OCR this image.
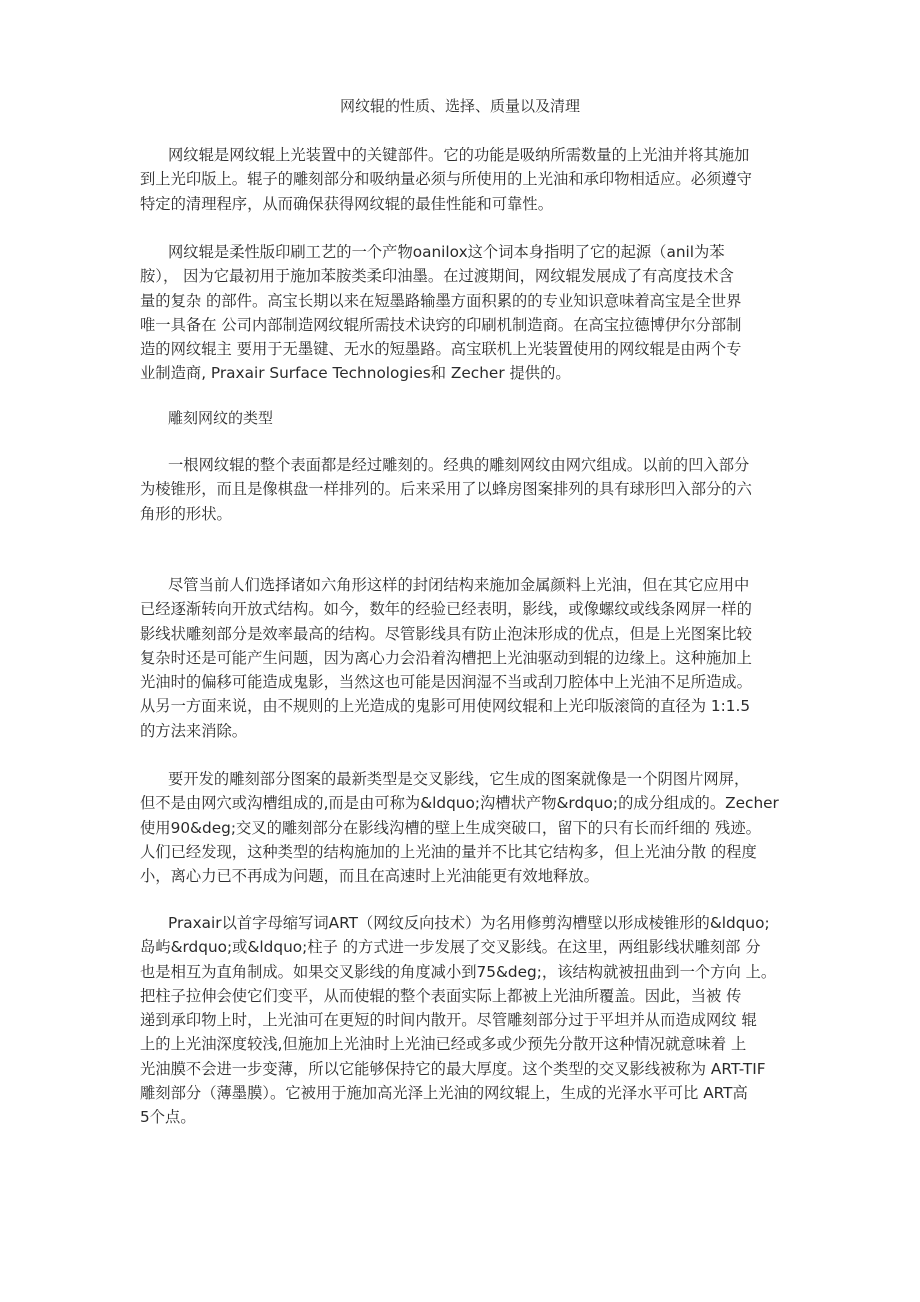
网纹辊的性质、选择、质量以及清理
网纹辊是网纹辊上光装置中的关键部件。它的功能是吸纳所需数量的上光油并将其施加
到上光印版上。辊子的雕刻部分和吸纳量必须与所使用的上光油和承印物相适应。必须遵守
特定的清理程序，从而确保获得网纹辊的最佳性能和可靠性。
网纹辊是柔性版印刷工艺的一个产物oanilox这个词本身指明了它的起源（anil为苯
胺）， 因为它最初用于施加苯胺类柔印油墨。在过渡期间，网纹辊发展成了有高度技术含
量的复杂 的部件。高宝长期以来在短墨路输墨方面积累的的专业知识意味着高宝是全世界
唯一具备在 公司内部制造网纹辊所需技术诀窍的印刷机制造商。在高宝拉德博伊尔分部制
造的网纹辊主 要用于无墨键、无水的短墨路。高宝联机上光装置使用的网纹辊是由两个专
业制造商, Praxair Surface Technologies和 Zecher 提供的。
雕刻网纹的类型
一根网纹辊的整个表面都是经过雕刻的。经典的雕刻网纹由网穴组成。以前的凹入部分
为棱锥形，而且是像棋盘一样排列的。后来采用了以蜂房图案排列的具有球形凹入部分的六
角形的形状。
尽管当前人们选择诸如六角形这样的封闭结构来施加金属颜料上光油，但在其它应用中
已经逐渐转向开放式结构。如今，数年的经验已经表明，影线，或像螺纹或线条网屏一样的
影线状雕刻部分是效率最高的结构。尽管影线具有防止泡沫形成的优点，但是上光图案比较
复杂时还是可能产生问题，因为离心力会沿着沟槽把上光油驱动到辊的边缘上。这种施加上
光油时的偏移可能造成鬼影，当然这也可能是因润湿不当或刮刀腔体中上光油不足所造成。
从另一方面来说，由不规则的上光造成的鬼影可用使网纹辊和上光印版滚筒的直径为 1:1.5
的方法来消除。
要开发的雕刻部分图案的最新类型是交叉影线，它生成的图案就像是一个阴图片网屏，
但不是由网穴或沟槽组成的,而是由可称为&ldquo;沟槽状产物&rdquo;的成分组成的。Zecher
使用90&deg;交叉的雕刻部分在影线沟槽的壁上生成突破口，留下的只有长而纤细的 残迹。
人们已经发现，这种类型的结构施加的上光油的量并不比其它结构多，但上光油分散 的程度
小，离心力已不再成为问题，而且在高速时上光油能更有效地释放。
Praxair以首字母缩写词ART（网纹反向技术）为名用修剪沟槽壁以形成棱锥形的&ldquo;
岛屿&rdquo;或&ldquo;柱子 的方式进一步发展了交叉影线。在这里，两组影线状雕刻部 分
也是相互为直角制成。如果交叉影线的角度减小到75&deg;，该结构就被扭曲到一个方向 上。
把柱子拉伸会使它们变平，从而使辊的整个表面实际上都被上光油所覆盖。因此，当被 传
递到承印物上时，上光油可在更短的时间内散开。尽管雕刻部分过于平坦并从而造成网纹 辊
上的上光油深度较浅,但施加上光油时上光油已经或多或少预先分散开这种情况就意味着 上
光油膜不会进一步变薄，所以它能够保持它的最大厚度。这个类型的交叉影线被称为 ART-TIF
雕刻部分（薄墨膜）。它被用于施加高光泽上光油的网纹辊上，生成的光泽水平可比 ART高
5个点。
